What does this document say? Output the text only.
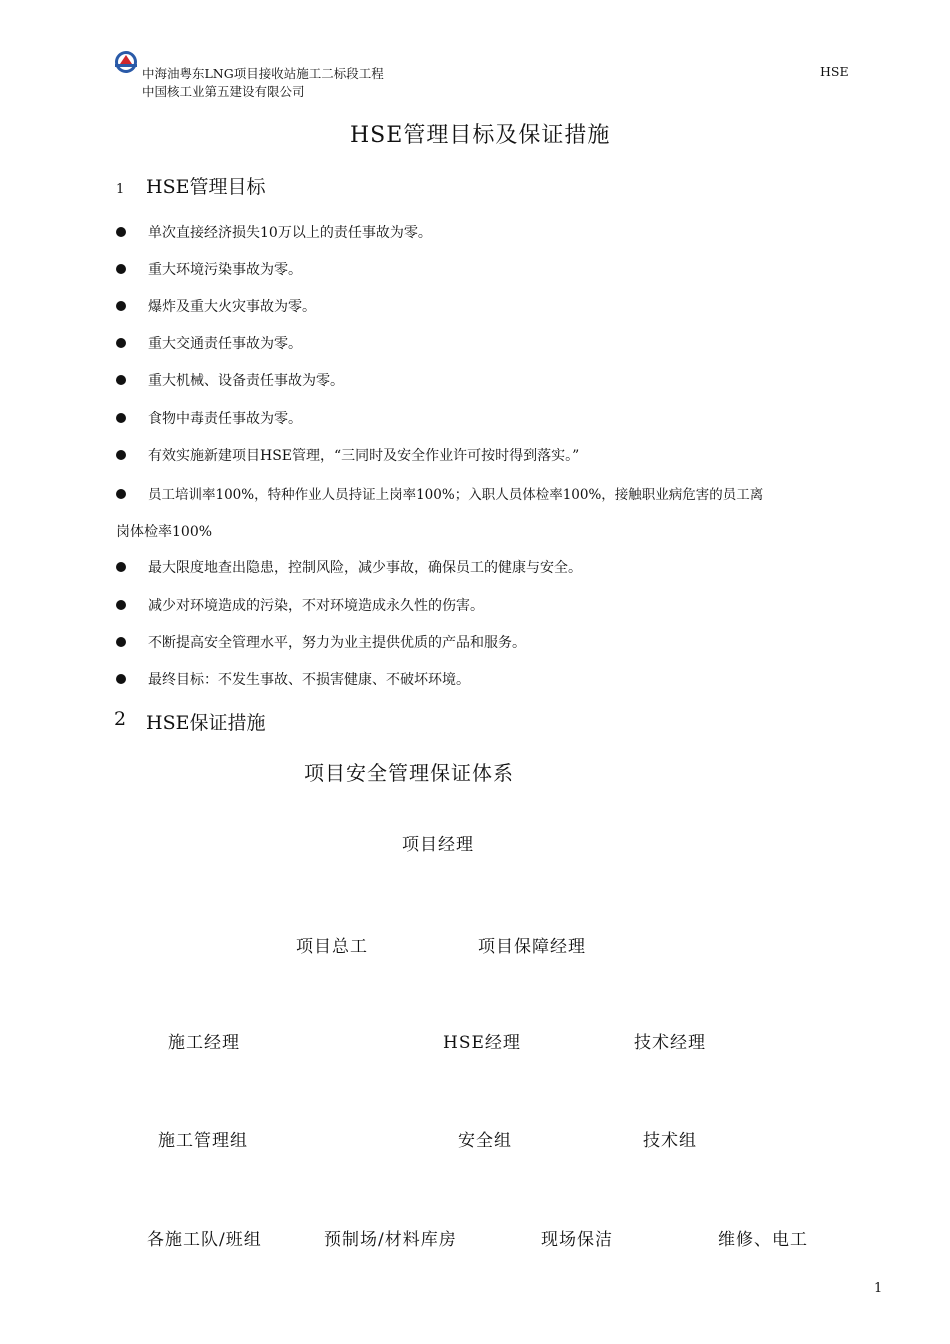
中海油粤东LNG项目接收站施工二标段工程	HSE
中国核工业第五建设有限公司
HSE管理目标及保证措施
1 HSE管理目标
单次直接经济损失10万以上的责任事故为零。
重大环境污染事故为零。
爆炸及重大火灾事故为零。
重大交通责任事故为零。
重大机械、设备责任事故为零。
食物中毒责任事故为零。
有效实施新建项目HSE管理，“三同时及安全作业许可按时得到落实。”
员工培训率100%，特种作业人员持证上岗率100%；入职人员体检率100%，接触职业病危害的员工离
岗体检率100%
最大限度地查出隐患，控制风险，减少事故，确保员工的健康与安全。
减少对环境造成的污染，不对环境造成永久性的伤害。
不断提高安全管理水平，努力为业主提供优质的产品和服务。
最终目标：不发生事故、不损害健康、不破坏环境。
2 HSE保证措施
项目安全管理保证体系
项目经理
项目总工	项目保障经理
施工经理	HSE经理	技术经理
施工管理组	安全组	技术组
各施工队/班组	预制场/材料库房	现场保洁	维修、电工
1
